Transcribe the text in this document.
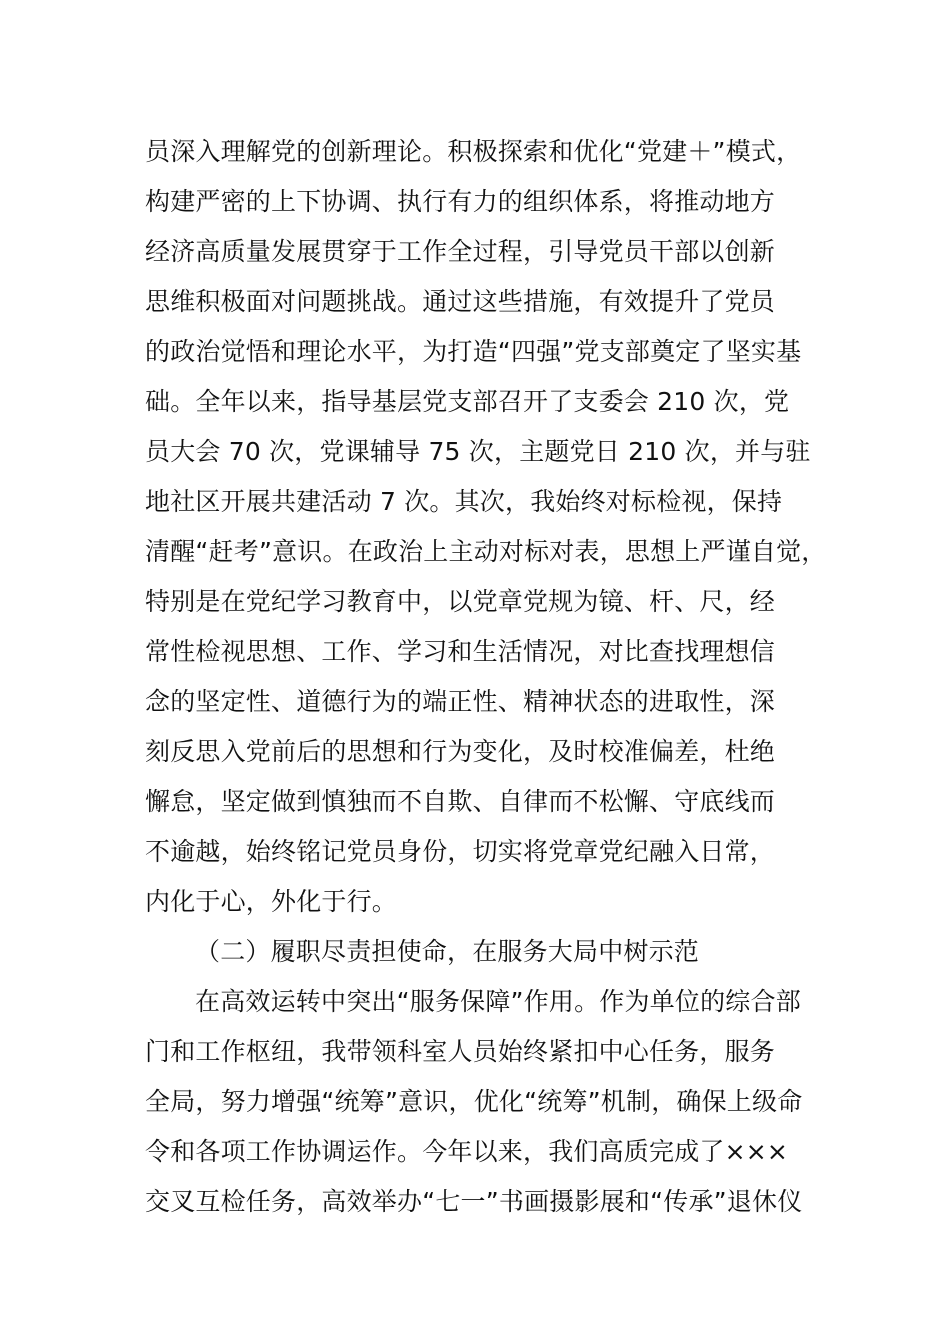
员深入理解党的创新理论。积极探索和优化“党建＋”模式，
构建严密的上下协调、执行有力的组织体系，将推动地方
经济高质量发展贯穿于工作全过程，引导党员干部以创新
思维积极面对问题挑战。通过这些措施，有效提升了党员
的政治觉悟和理论水平，为打造“四强”党支部奠定了坚实基
础。全年以来，指导基层党支部召开了支委会 210 次，党
员大会 70 次，党课辅导 75 次，主题党日 210 次，并与驻
地社区开展共建活动 7 次。其次，我始终对标检视，保持
清醒“赶考”意识。在政治上主动对标对表，思想上严谨自觉，
特别是在党纪学习教育中，以党章党规为镜、杆、尺，经
常性检视思想、工作、学习和生活情况，对比查找理想信
念的坚定性、道德行为的端正性、精神状态的进取性，深
刻反思入党前后的思想和行为变化，及时校准偏差，杜绝
懈怠，坚定做到慎独而不自欺、自律而不松懈、守底线而
不逾越，始终铭记党员身份，切实将党章党纪融入日常，
内化于心，外化于行。
（二）履职尽责担使命，在服务大局中树示范
在高效运转中突出“服务保障”作用。作为单位的综合部
门和工作枢纽，我带领科室人员始终紧扣中心任务，服务
全局，努力增强“统筹”意识，优化“统筹”机制，确保上级命
令和各项工作协调运作。今年以来，我们高质完成了×××
交叉互检任务，高效举办“七一”书画摄影展和“传承”退休仪
